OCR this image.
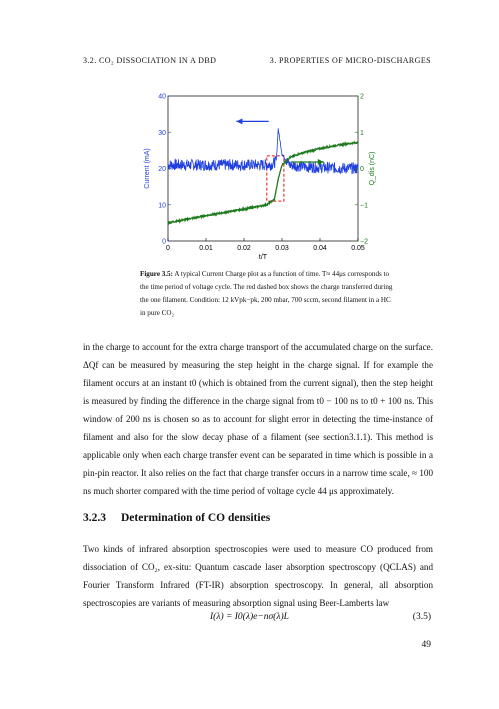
3.2. CO₂ DISSOCIATION IN A DBD	3. PROPERTIES OF MICRO-DISCHARGES
0	0.01	0.02	0.03	0.04	0.05
0
10
20
30
40
−2
−1
0
1
2
t/T
Current (mA)	Q_dis (nC)
Figure 3.5: A typical Current Charge plot as a function of time. T≈ 44μs corresponds to the time period of voltage cycle. The red dashed box shows the charge transferred during the one filament. Condition: 12 kVpk−pk, 200 mbar, 700 sccm, second filament in a HC in pure CO₂
in the charge to account for the extra charge transport of the accumulated charge on the surface. ΔQf can be measured by measuring the step height in the charge signal. If for example the filament occurs at an instant t0 (which is obtained from the current signal), then the step height is measured by finding the difference in the charge signal from t0 − 100 ns to t0 + 100 ns. This window of 200 ns is chosen so as to account for slight error in detecting the time-instance of filament and also for the slow decay phase of a filament (see section3.1.1). This method is applicable only when each charge transfer event can be separated in time which is possible in a pin-pin reactor. It also relies on the fact that charge transfer occurs in a narrow time scale, ≈ 100 ns much shorter compared with the time period of voltage cycle 44 μs approximately.
3.2.3 Determination of CO densities
Two kinds of infrared absorption spectroscopies were used to measure CO produced from dissociation of CO₂, ex-situ: Quantum cascade laser absorption spectroscopy (QCLAS) and Fourier Transform Infrared (FT-IR) absorption spectroscopy. In general, all absorption spectroscopies are variants of measuring absorption signal using Beer-Lamberts law
I(λ) = I0(λ)e−nσ(λ)L	(3.5)
49
